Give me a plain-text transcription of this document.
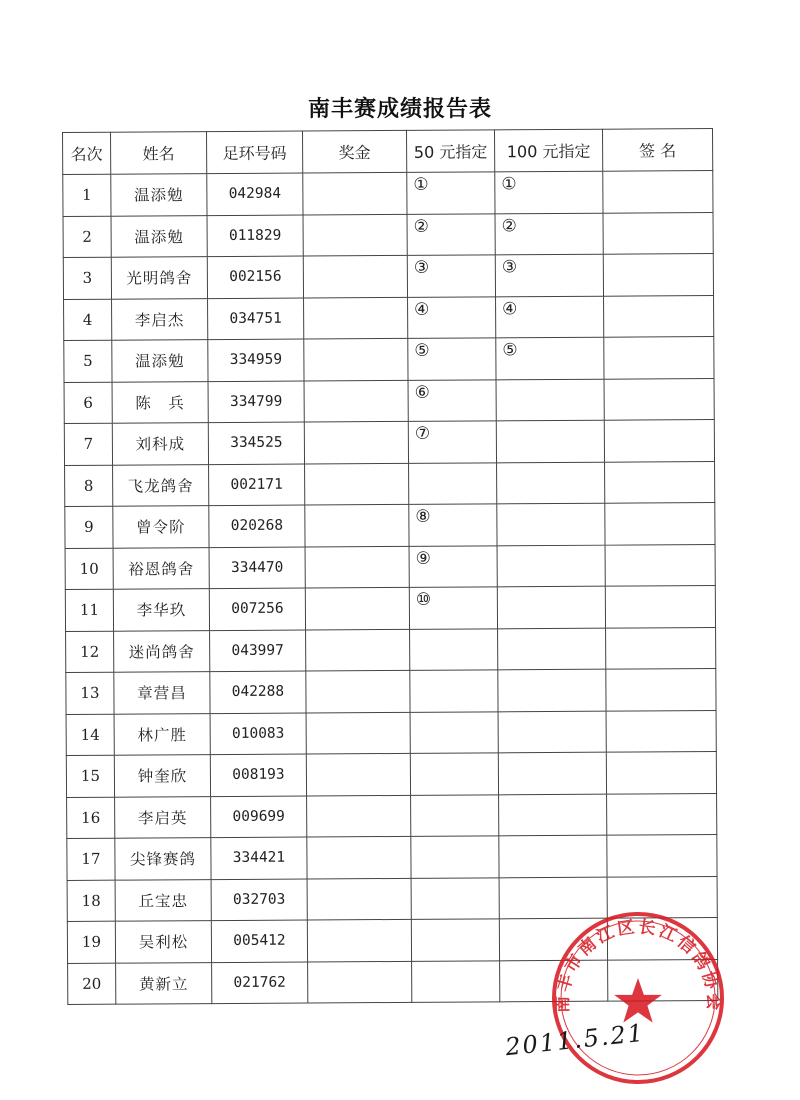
南丰赛成绩报告表
名次	姓名	足环号码	奖金	50 元指定	100 元指定	签 名
1	温添勉	042984		①	①	
2	温添勉	011829		②	②	
3	光明鸽舍	002156		③	③	
4	李启杰	034751		④	④	
5	温添勉	334959		⑤	⑤	
6	陈　兵	334799		⑥		
7	刘科成	334525		⑦		
8	飞龙鸽舍	002171				
9	曾令阶	020268		⑧		
10	裕恩鸽舍	334470		⑨		
11	李华玖	007256		⑩		
12	迷尚鸽舍	043997				
13	章营昌	042288				
14	林广胜	010083				
15	钟奎欣	008193				
16	李启英	009699				
17	尖锋赛鸽	334421				
18	丘宝忠	032703				
19	吴利松	005412				
20	黄新立	021762				
南丰市南江区长江信鸽协会
2011.5.21
